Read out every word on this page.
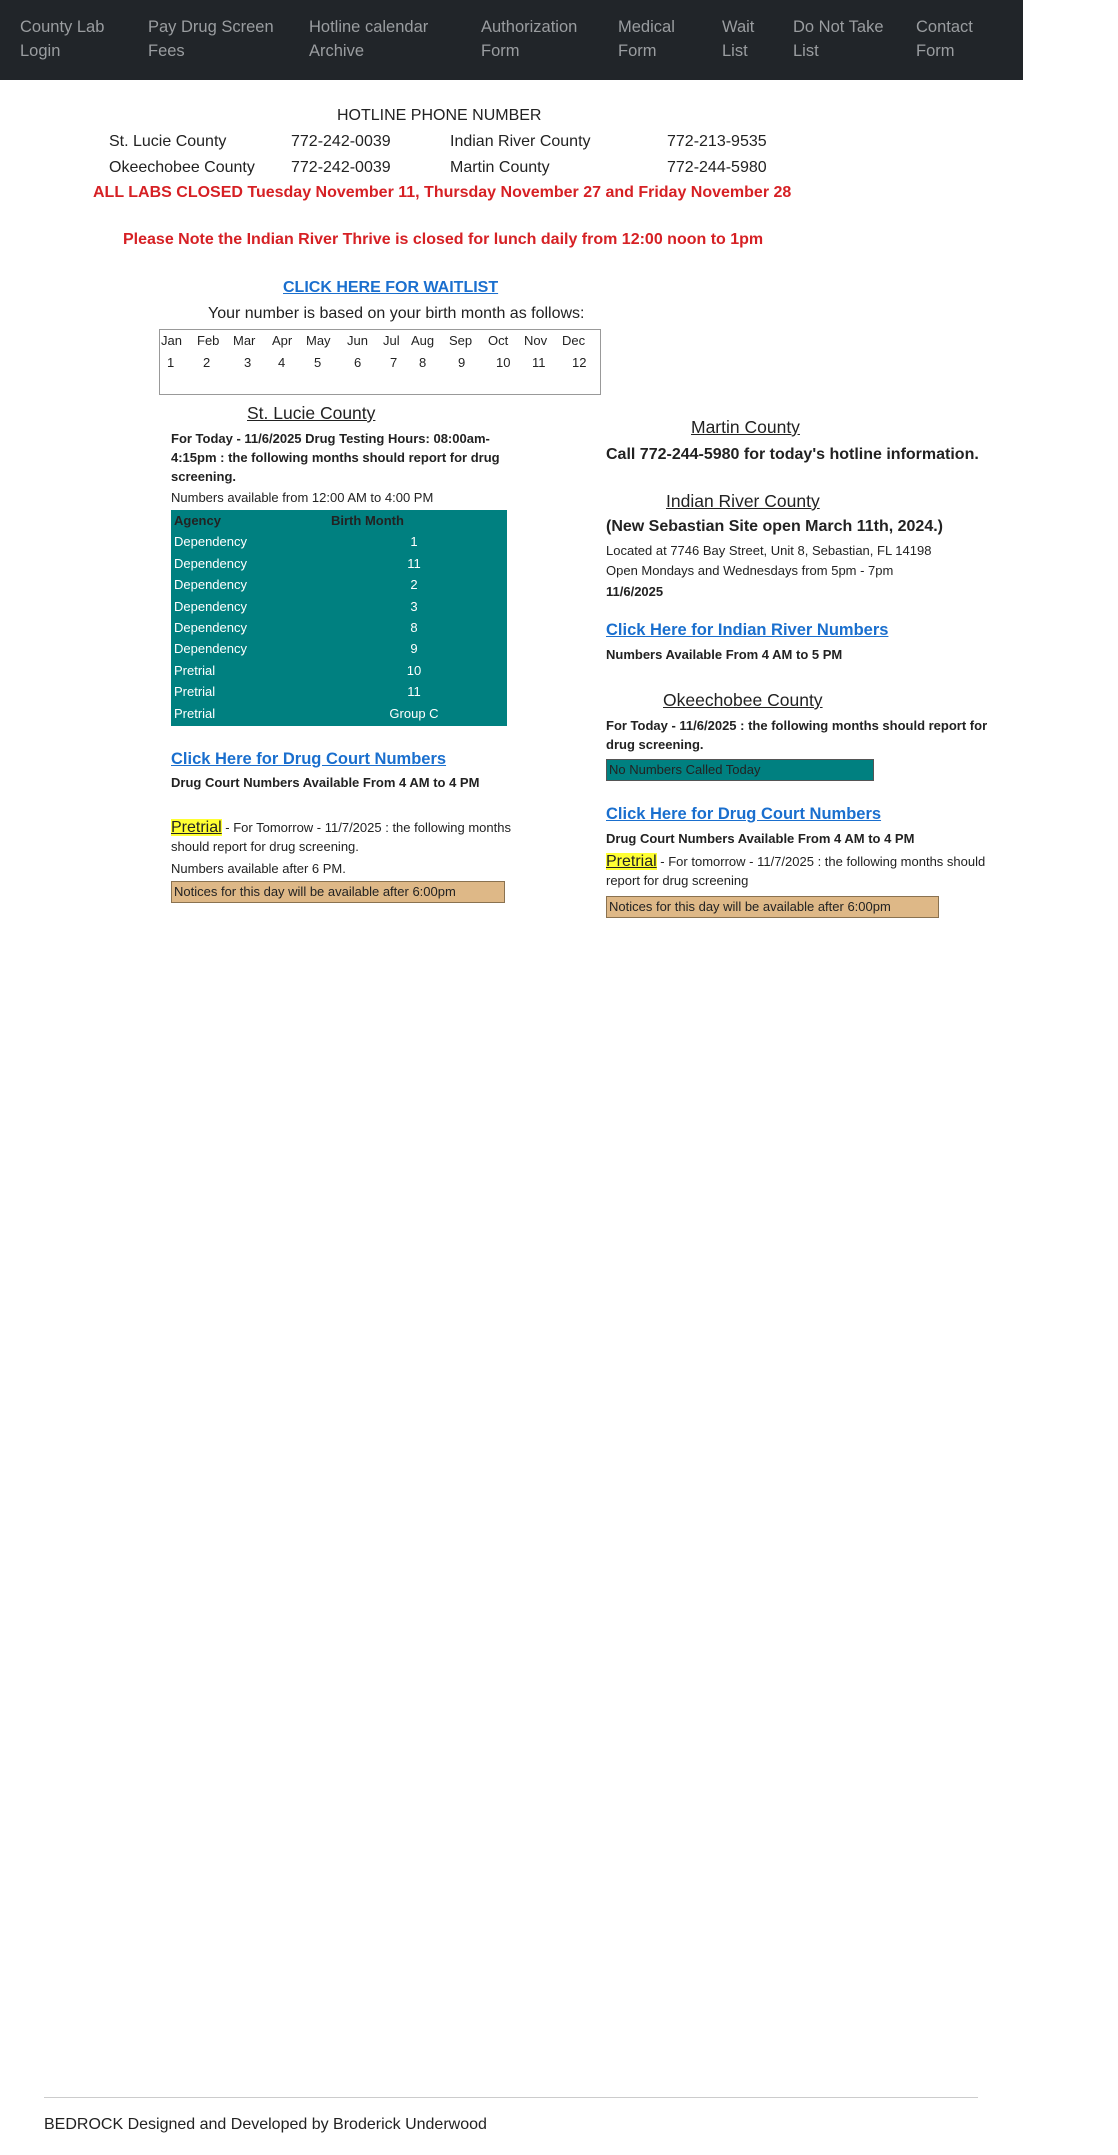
County Lab
Login
Pay Drug Screen
Fees
Hotline calendar
Archive
Authorization
Form
Medical
Form
Wait
List
Do Not Take
List
Contact
Form
HOTLINE PHONE NUMBER
St. Lucie County	772-242-0039	Indian River County	772-213-9535
Okeechobee County 772-242-0039	Martin County	772-244-5980
ALL LABS CLOSED Tuesday November 11, Thursday November 27 and Friday November 28
Please Note the Indian River Thrive is closed for lunch daily from 12:00 noon to 1pm
CLICK HERE FOR WAITLIST
Your number is based on your birth month as follows:
Jan Feb Mar Apr May Jun Jul Aug Sep Oct Nov Dec
1 2	3 4 5	6 7 8 9 10 11 12
St. Lucie County
For Today - 11/6/2025 Drug Testing Hours: 08:00am-4:15pm : the following months should report for drug screening.
Numbers available from 12:00 AM to 4:00 PM
Agency	Birth Month
Dependency	1
Dependency	11
Dependency	2
Dependency	3
Dependency	8
Dependency	9
Pretrial	10
Pretrial	11
Pretrial	Group C
Click Here for Drug Court Numbers
Drug Court Numbers Available From 4 AM to 4 PM
Pretrial - For Tomorrow - 11/7/2025 : the following months should report for drug screening.
Numbers available after 6 PM.
Notices for this day will be available after 6:00pm
Martin County
Call 772-244-5980 for today's hotline information.
Indian River County
(New Sebastian Site open March 11th, 2024.)
Located at 7746 Bay Street, Unit 8, Sebastian, FL 14198
Open Mondays and Wednesdays from 5pm - 7pm
11/6/2025
Click Here for Indian River Numbers
Numbers Available From 4 AM to 5 PM
Okeechobee County
For Today - 11/6/2025 : the following months should report for drug screening.
No Numbers Called Today
Click Here for Drug Court Numbers
Drug Court Numbers Available From 4 AM to 4 PM
Pretrial - For tomorrow - 11/7/2025 : the following months should report for drug screening
Notices for this day will be available after 6:00pm
BEDROCK Designed and Developed by Broderick Underwood
